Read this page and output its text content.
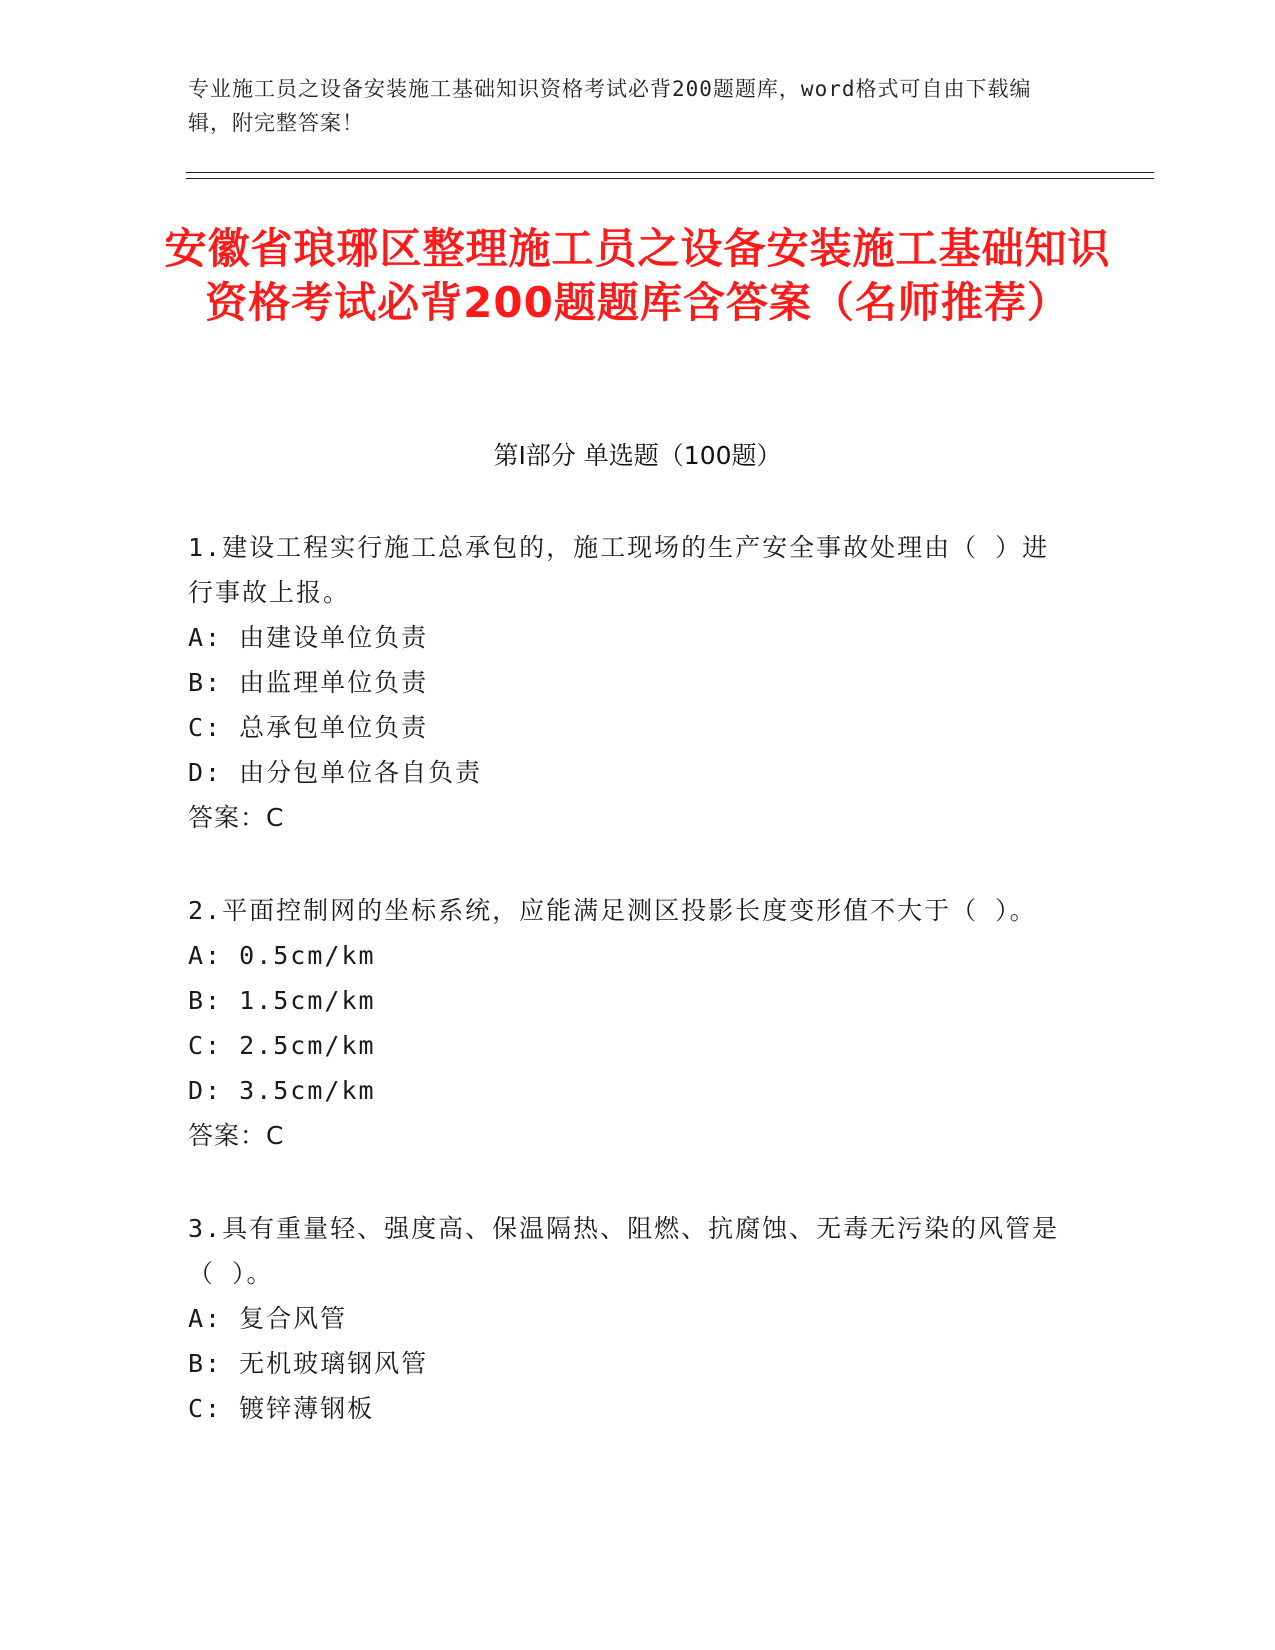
专业施工员之设备安装施工基础知识资格考试必背200题题库，word格式可自由下载编辑，附完整答案！
安徽省琅琊区整理施工员之设备安装施工基础知识资格考试必背200题题库含答案（名师推荐）
第Ⅰ部分 单选题（100题）
1.建设工程实行施工总承包的，施工现场的生产安全事故处理由（ ）进行事故上报。
A: 由建设单位负责
B: 由监理单位负责
C: 总承包单位负责
D: 由分包单位各自负责
答案：C
2.平面控制网的坐标系统，应能满足测区投影长度变形值不大于（ ）。
A: 0.5cm/km
B: 1.5cm/km
C: 2.5cm/km
D: 3.5cm/km
答案：C
3.具有重量轻、强度高、保温隔热、阻燃、抗腐蚀、无毒无污染的风管是（ ）。
A: 复合风管
B: 无机玻璃钢风管
C: 镀锌薄钢板
